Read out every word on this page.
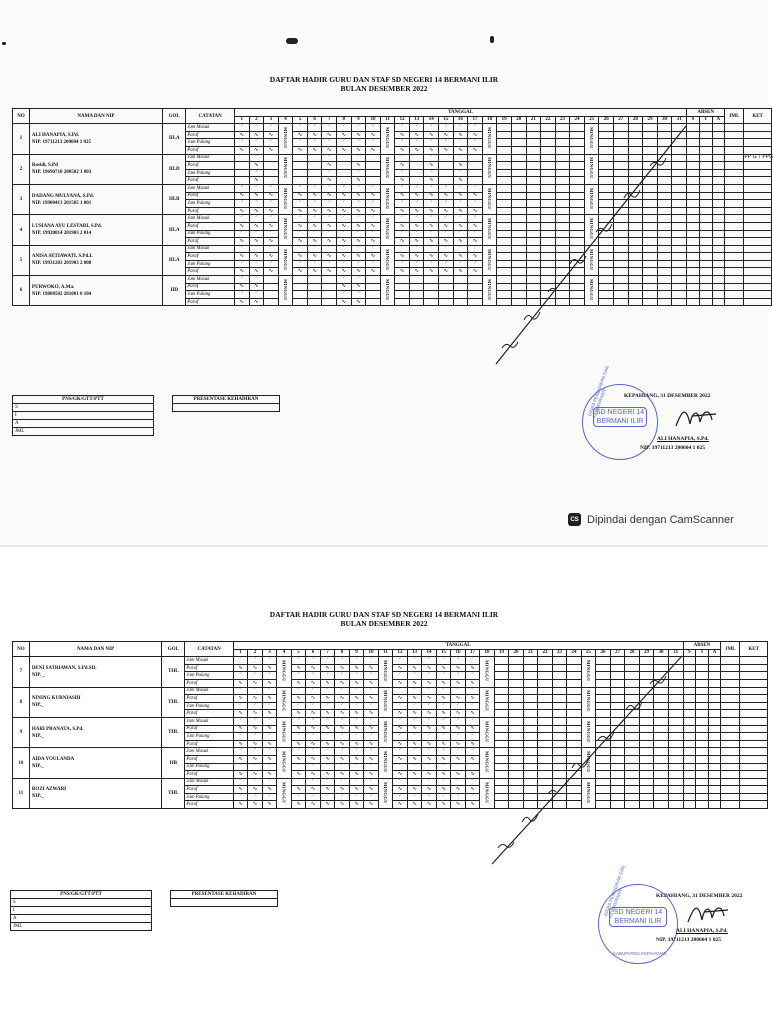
DAFTAR HADIR GURU DAN STAF SD NEGERI 14 BERMANI ILIR
BULAN DESEMBER 2022
NO	NAMA DAN NIP	GOL	CATATAN	TANGGAL																															ABSEN			JML	KET
				1	2	3	4	5	6	7	8	9	10	11	12	13	14	15	16	17	18	19	20	21	22	23	24	25	26	27	28	29	30	31	S	I	A		
1	ALI HANAPIA, S.Pd.
NIP. 19711213 200604 1 025	III.A	Jam Masuk	⸍	⸍	⸍	MINGGU	⸍	⸍	⸍	⸍	⸍	⸍	MINGGU	⸍	⸍	⸍	⸍	⸍	⸍	MINGGU							MINGGU											
			Paraf	∿	∿	∿		∿	∿	∿	∿	∿	∿		∿	∿	∿	∿	∿	∿																			
			Jam Pulang	⸍	⸍	⸍		⸍	⸍	⸍	⸍	⸍	⸍		⸍	⸍	⸍	⸍	⸍	⸍																			
			Paraf	∿	∿	∿		∿	∿	∿	∿	∿	∿		∿	∿	∿	∿	∿	∿																			
2	Rosidi, S.Pd
NIP. 19690710 200502 1 003	III.D	Jam Masuk		⸍		MINGGU			⸍		⸍		MINGGU	⸍		⸍		⸍		MINGGU							MINGGU											PP G / PPG
			Paraf		∿					∿		∿			∿		∿		∿																				
			Jam Pulang		⸍					⸍		⸍			⸍		⸍		⸍																				
			Paraf		∿					∿		∿			∿		∿		∿																				
3	DADANG MULYANA, S.Pd.
NIP. 19900413 201505 1 001	III.B	Jam Masuk	⸍	⸍	⸍	MINGGU	⸍	⸍	⸍	⸍	⸍	⸍	MINGGU	⸍	⸍	⸍	⸍	⸍	⸍	MINGGU							MINGGU											
			Paraf	∿	∿	∿		∿	∿	∿	∿	∿	∿		∿	∿	∿	∿	∿	∿																			
			Jam Pulang	⸍	⸍	⸍		⸍	⸍	⸍	⸍	⸍	⸍		⸍	⸍	⸍	⸍	⸍	⸍																			
			Paraf	∿	∿	∿		∿	∿	∿	∿	∿	∿		∿	∿	∿	∿	∿	∿																			
4	LUSIANA AYU LESTARI, S.Pd.
NIP. 19920814 201903 2 014	III.A	Jam Masuk	⸍	⸍	⸍	MINGGU	⸍	⸍	⸍	⸍	⸍	⸍	MINGGU	⸍	⸍	⸍	⸍	⸍	⸍	MINGGU							MINGGU											
			Paraf	∿	∿	∿		∿	∿	∿	∿	∿	∿		∿	∿	∿	∿	∿	∿																			
			Jam Pulang	⸍	⸍	⸍		⸍	⸍	⸍	⸍	⸍	⸍		⸍	⸍	⸍	⸍	⸍	⸍																			
			Paraf	∿	∿	∿		∿	∿	∿	∿	∿	∿		∿	∿	∿	∿	∿	∿																			
5	ANISA SETIAWATI, S.Pd.I.
NIP. 19931203 201903 2 008	III.A	Jam Masuk	⸍	⸍	⸍	MINGGU	⸍	⸍	⸍	⸍	⸍	⸍	MINGGU	⸍	⸍	⸍	⸍	⸍	⸍	MINGGU							MINGGU											
			Paraf	∿	∿	∿		∿	∿	∿	∿	∿	∿		∿	∿	∿	∿	∿	∿																			
			Jam Pulang	⸍	⸍	⸍		⸍	⸍	⸍	⸍	⸍	⸍		⸍	⸍	⸍	⸍	⸍	⸍																			
			Paraf	∿	∿	∿		∿	∿	∿	∿	∿	∿		∿	∿	∿	∿	∿	∿																			
6	PURWOKO, A.Ma.
NIP. 19880502 201001 0 104	IID	Jam Masuk	⸍	⸍		MINGGU				⸍	⸍		MINGGU							MINGGU							MINGGU											
			Paraf	∿	∿						∿	∿																											
			Jam Pulang	⸍	⸍						⸍	⸍																											
			Paraf	∿	∿						∿	∿																											
PNS/GK/GTT/PTT
S
I
A
JML
PRESENTASE KEHADIRAN

KEPAHIANG, 31 DESEMBER 2022
DINAS PENDIDIKAN DAN KEBUDAYAAN
SD NEGERI 14 BERMANI ILIR
ALI HANAPIA, S.Pd.
NIP. 19711213 200604 1 025
CS Dipindai dengan CamScanner
DAFTAR HADIR GURU DAN STAF SD NEGERI 14 BERMANI ILIR
BULAN DESEMBER 2022
NO	NAMA DAN NIP	GOL	CATATAN	TANGGAL																															ABSEN			JML	KET
				1	2	3	4	5	6	7	8	9	10	11	12	13	14	15	16	17	18	19	20	21	22	23	24	25	26	27	28	29	30	31	S	I	A		
7	DENI SATRIAWAN, S.Pd.SD.
NIP. _	THL	Jam Masuk	⸍	⸍	⸍	MINGGU	⸍	⸍	⸍	⸍	⸍	⸍	MINGGU	⸍	⸍	⸍	⸍	⸍	⸍	MINGGU							MINGGU											
			Paraf	∿	∿	∿		∿	∿	∿	∿	∿	∿		∿	∿	∿	∿	∿	∿																			
			Jam Pulang	⸍	⸍	⸍		⸍	⸍	⸍	⸍	⸍	⸍		⸍	⸍	⸍	⸍	⸍	⸍																			
			Paraf	∿	∿	∿		∿	∿	∿	∿	∿	∿		∿	∿	∿	∿	∿	∿																			
8	NINING KURNIASIH
NIP._	THL	Jam Masuk	⸍	⸍	⸍	MINGGU	⸍	⸍	⸍	⸍	⸍	⸍	MINGGU	⸍	⸍	⸍	⸍	⸍	⸍	MINGGU							MINGGU											
			Paraf	∿	∿	∿		∿	∿	∿	∿	∿	∿		∿	∿	∿	∿	∿	∿																			
			Jam Pulang	⸍	⸍	⸍		⸍	⸍	⸍	⸍	⸍	⸍		⸍	⸍	⸍	⸍	⸍	⸍																			
			Paraf	∿	∿	∿		∿	∿	∿	∿	∿	∿		∿	∿	∿	∿	∿	∿																			
9	HARI PRANATA, S.Pd.
NIP._	THL	Jam Masuk	⸍	⸍	⸍	MINGGU	⸍	⸍	⸍	⸍	⸍	⸍	MINGGU	⸍	⸍	⸍	⸍	⸍	⸍	MINGGU							MINGGU											
			Paraf	∿	∿	∿		∿	∿	∿	∿	∿	∿		∿	∿	∿	∿	∿	∿																			
			Jam Pulang	⸍	⸍	⸍		⸍	⸍	⸍	⸍	⸍	⸍		⸍	⸍	⸍	⸍	⸍	⸍																			
			Paraf	∿	∿	∿		∿	∿	∿	∿	∿	∿		∿	∿	∿	∿	∿	∿																			
10	AIDA YOULANDA
NIP._	HB	Jam Masuk	⸍	⸍	⸍	MINGGU	⸍	⸍	⸍	⸍	⸍	⸍	MINGGU	⸍	⸍	⸍	⸍	⸍	⸍	MINGGU							MINGGU											
			Paraf	∿	∿	∿		∿	∿	∿	∿	∿	∿		∿	∿	∿	∿	∿	∿																			
			Jam Pulang	⸍	⸍	⸍		⸍	⸍	⸍	⸍	⸍	⸍		⸍	⸍	⸍	⸍	⸍	⸍																			
			Paraf	∿	∿	∿		∿	∿	∿	∿	∿	∿		∿	∿	∿	∿	∿	∿																			
11	ROZI AZWARI
NIP._	THL	Jam Masuk	⸍	⸍	⸍	MINGGU	⸍	⸍	⸍	⸍	⸍	⸍	MINGGU	⸍	⸍	⸍	⸍	⸍	⸍	MINGGU							MINGGU											
			Paraf	∿	∿	∿		∿	∿	∿	∿	∿	∿		∿	∿	∿	∿	∿	∿																			
			Jam Pulang	⸍	⸍	⸍		⸍	⸍	⸍	⸍	⸍	⸍		⸍	⸍	⸍	⸍	⸍	⸍																			
			Paraf	∿	∿	∿		∿	∿	∿	∿	∿	∿		∿	∿	∿	∿	∿	∿																			
PNS/GK/GTT/PTT
S
I
A
JML
PRESENTASE KEHADIRAN
	KEPAHIANG, 31 DESEMBER 2022
DINAS PENDIDIKAN DAN KEBUDAYAAN
KABUPATEN KEPAHIANG
SD NEGERI 14 BERMANI ILIR
ALI HANAPIA, S.Pd.
NIP. 19711213 200604 1 025
